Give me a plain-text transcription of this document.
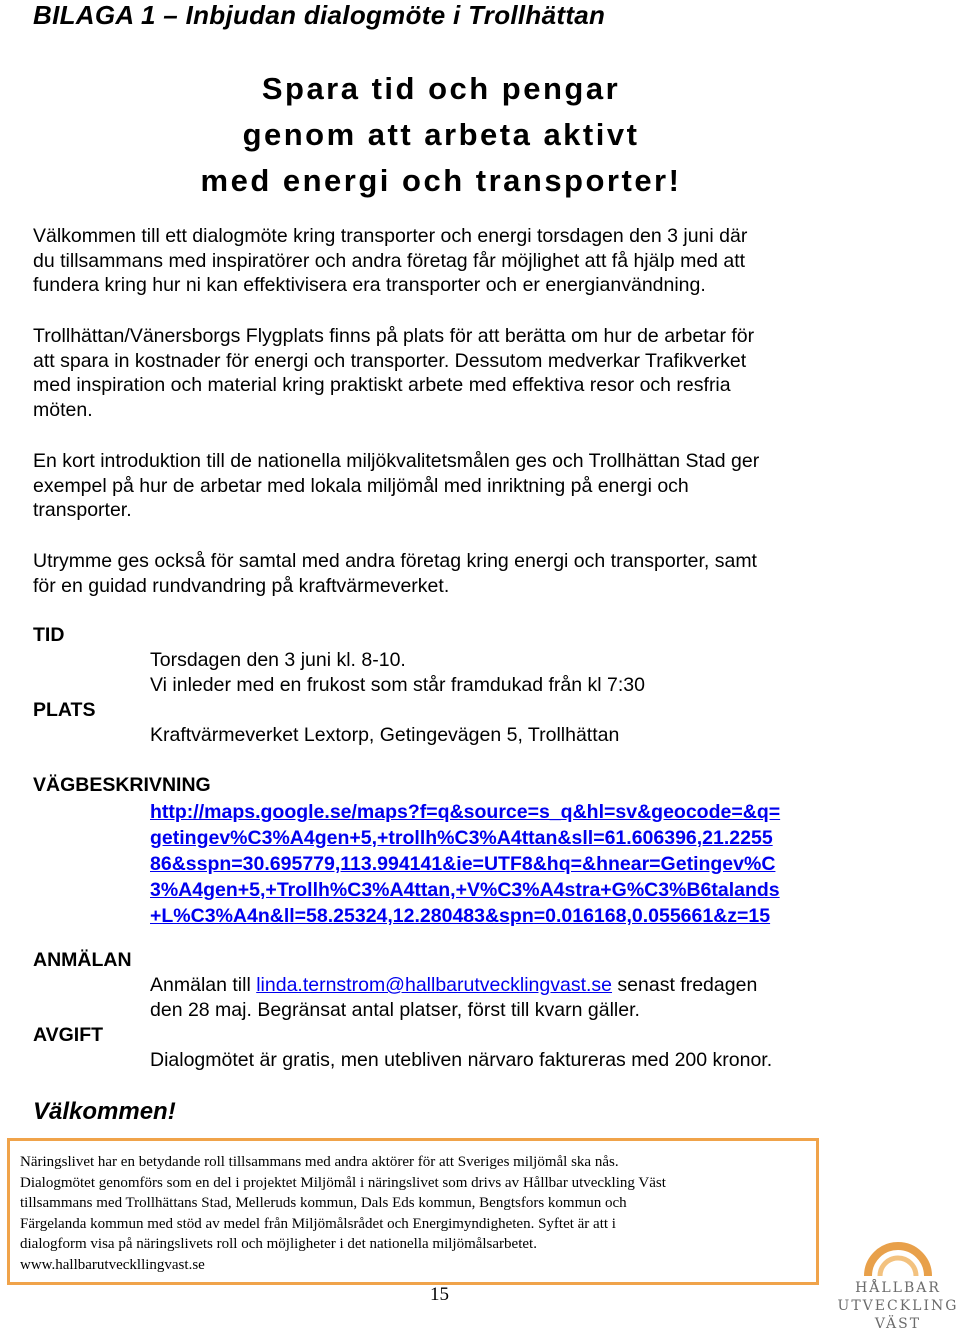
BILAGA 1 – Inbjudan dialogmöte i Trollhättan
Spara tid och pengar
genom att arbeta aktivt
med energi och transporter!
Välkommen till ett dialogmöte kring transporter och energi torsdagen den 3 juni där
du tillsammans med inspiratörer och andra företag får möjlighet att få hjälp med att
fundera kring hur ni kan effektivisera era transporter och er energianvändning.
Trollhättan/Vänersborgs Flygplats finns på plats för att berätta om hur de arbetar för
att spara in kostnader för energi och transporter. Dessutom medverkar Trafikverket
med inspiration och material kring praktiskt arbete med effektiva resor och resfria
möten.
En kort introduktion till de nationella miljökvalitetsmålen ges och Trollhättan Stad ger
exempel på hur de arbetar med lokala miljömål med inriktning på energi och
transporter.
Utrymme ges också för samtal med andra företag kring energi och transporter, samt
för en guidad rundvandring på kraftvärmeverket.
TID
Torsdagen den 3 juni kl. 8-10.
Vi inleder med en frukost som står framdukad från kl 7:30
PLATS
Kraftvärmeverket Lextorp, Getingevägen 5, Trollhättan
VÄGBESKRIVNING
http://maps.google.se/maps?f=q&source=s_q&hl=sv&geocode=&q=
getingev%C3%A4gen+5,+trollh%C3%A4ttan&sll=61.606396,21.2255
86&sspn=30.695779,113.994141&ie=UTF8&hq=&hnear=Getingev%C
3%A4gen+5,+Trollh%C3%A4ttan,+V%C3%A4stra+G%C3%B6talands
+L%C3%A4n&ll=58.25324,12.280483&spn=0.016168,0.055661&z=15
ANMÄLAN
Anmälan till linda.ternstrom@hallbarutvecklingvast.se senast fredagen
den 28 maj. Begränsat antal platser, först till kvarn gäller.
AVGIFT
Dialogmötet är gratis, men utebliven närvaro faktureras med 200 kronor.
Välkommen!
Näringslivet har en betydande roll tillsammans med andra aktörer för att Sveriges miljömål ska nås.
Dialogmötet genomförs som en del i projektet Miljömål i näringslivet som drivs av Hållbar utveckling Väst
tillsammans med Trollhättans Stad, Melleruds kommun, Dals Eds kommun, Bengtsfors kommun och
Färgelanda kommun med stöd av medel från Miljömålsrådet och Energimyndigheten. Syftet är att i
dialogform visa på näringslivets roll och möjligheter i det nationella miljömålsarbetet.
www.hallbarutveckllingvast.se
15	HÅLLBAR
UTVECKLING
VÄST
